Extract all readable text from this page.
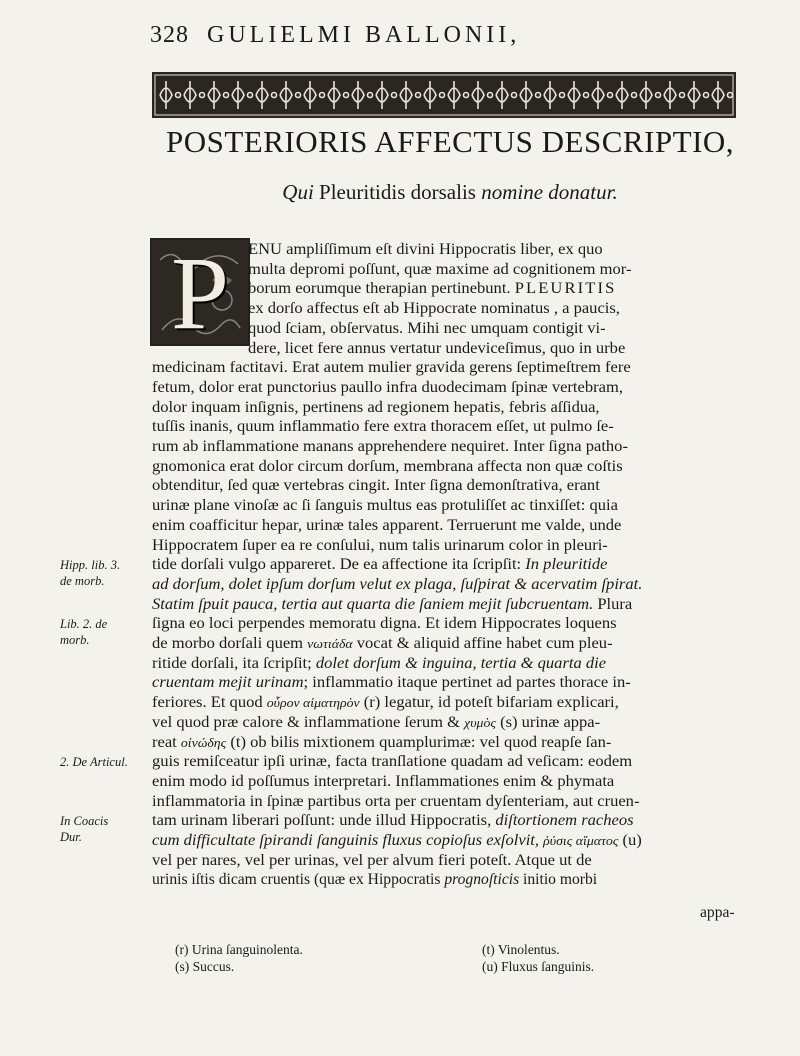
328 GULIELMI BALLONII,
POSTERIORIS AFFECTUS DESCRIPTIO,
Qui Pleuritidis dorsalis nomine donatur.
P	ENU ampliſſimum eſt divini Hippocratis liber, ex quo
multa depromi poſſunt, quæ maxime ad cognitionem mor-
borum eorumque therapian pertinebunt. PLEURITIS
ex dorſo affectus eſt ab Hippocrate nominatus , a paucis,
quod ſciam, obſervatus. Mihi nec umquam contigit vi-
dere, licet fere annus vertatur undeviceſimus, quo in urbe
medicinam factitavi. Erat autem mulier gravida gerens ſeptimeſtrem fere
fetum, dolor erat punctorius paullo infra duodecimam ſpinæ vertebram,
dolor inquam inſignis, pertinens ad regionem hepatis, febris aſſidua,
tuſſis inanis, quum inflammatio fere extra thoracem eſſet, ut pulmo ſe-
rum ab inflammatione manans apprehendere nequiret. Inter ſigna patho-
gnomonica erat dolor circum dorſum, membrana affecta non quæ coſtis
obtenditur, ſed quæ vertebras cingit. Inter ſigna demonſtrativa, erant
urinæ plane vinoſæ ac ſi ſanguis multus eas protuliſſet ac tinxiſſet: quia
enim coafficitur hepar, urinæ tales apparent. Terruerunt me valde, unde
Hippocratem ſuper ea re conſului, num talis urinarum color in pleuri-
tide dorſali vulgo appareret. De ea affectione ita ſcripſit: In pleuritide
ad dorſum, dolet ipſum dorſum velut ex plaga, ſuſpirat & acervatim ſpirat.
Statim ſpuit pauca, tertia aut quarta die ſaniem mejit ſubcruentam. Plura
ſigna eo loci perpendes memoratu digna. Et idem Hippocrates loquens
de morbo dorſali quem νωτιάδα vocat & aliquid affine habet cum pleu-
ritide dorſali, ita ſcripſit; dolet dorſum & inguina, tertia & quarta die
cruentam mejit urinam; inflammatio itaque pertinet ad partes thorace in-
feriores. Et quod οὖρον αἱματηρὸν (r) legatur, id poteſt bifariam explicari,
vel quod præ calore & inflammatione ſerum & χυμὸς (s) urinæ appa-
reat οἰνώδης (t) ob bilis mixtionem quamplurimæ: vel quod reapſe ſan-
guis remiſceatur ipſi urinæ, facta tranſlatione quadam ad veſicam: eodem
enim modo id poſſumus interpretari. Inflammationes enim & phymata
inflammatoria in ſpinæ partibus orta per cruentam dyſenteriam, aut cruen-
tam urinam liberari poſſunt: unde illud Hippocratis, diſtortionem racheos
cum difficultate ſpirandi ſanguinis fluxus copioſus exſolvit, ῥύσις αἵματος (u)
vel per nares, vel per urinas, vel per alvum fieri poteſt. Atque ut de
urinis iſtis dicam cruentis (quæ ex Hippocratis prognoſticis initio morbi
Hipp. lib. 3.
de morb.
Lib. 2. de
morb.
2. De Articul.
In Coacis
Dur.
appa-
(r) Urina ſanguinolenta.
(s) Succus.
(t) Vinolentus.
(u) Fluxus ſanguinis.
